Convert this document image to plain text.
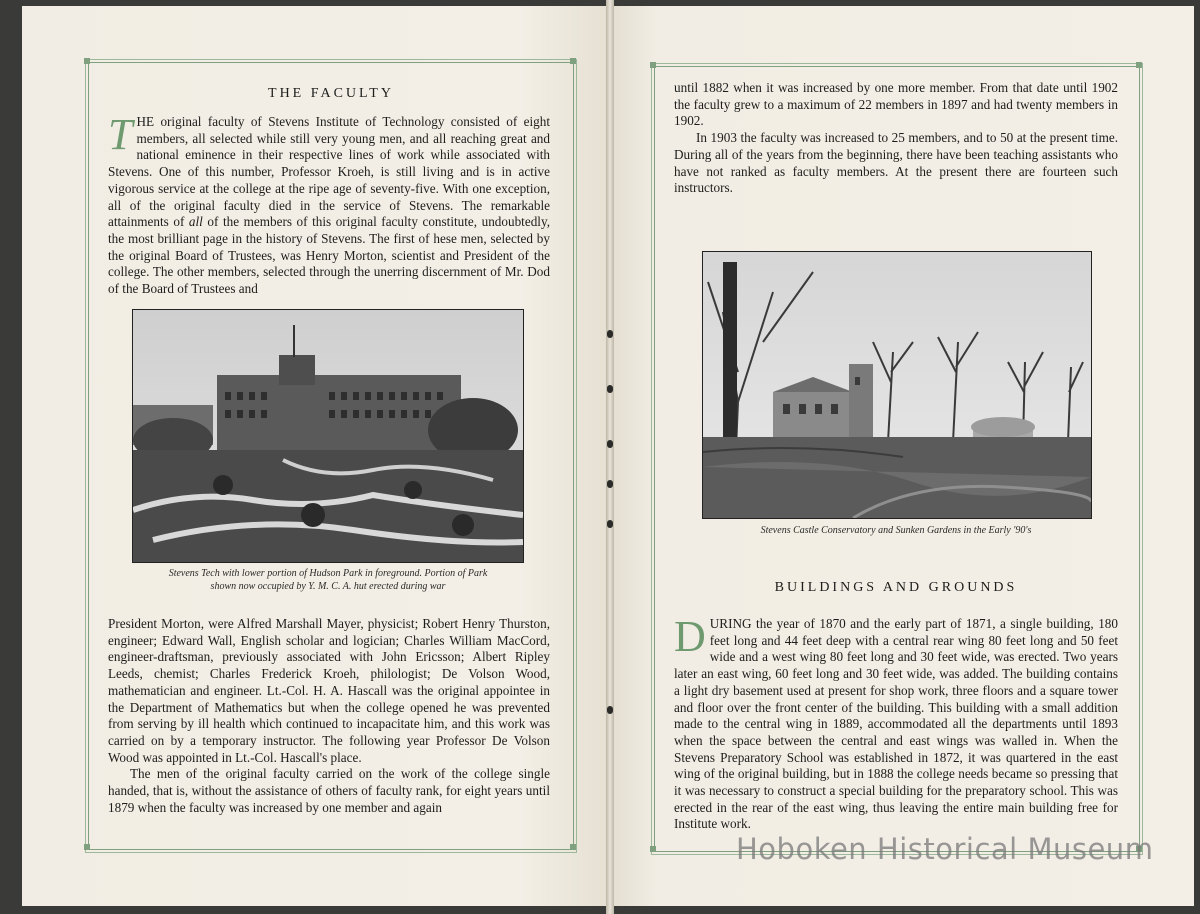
THE FACULTY
THE original faculty of Stevens Institute of Technology consisted of eight members, all selected while still very young men, and all reaching great and national eminence in their respective lines of work while associated with Stevens. One of this number, Professor Kroeh, is still living and is in active vigorous service at the college at the ripe age of seventy-five. With one exception, all of the original faculty died in the service of Stevens. The remarkable attainments of all of the members of this original faculty constitute, undoubtedly, the most brilliant page in the history of Stevens. The first of hese men, selected by the original Board of Trustees, was Henry Morton, scientist and President of the college. The other members, selected through the unerring discernment of Mr. Dod of the Board of Trustees and
Stevens Tech with lower portion of Hudson Park in foreground. Portion of Park
shown now occupied by Y. M. C. A. hut erected during war

President Morton, were Alfred Marshall Mayer, physicist; Robert Henry Thurston, engineer; Edward Wall, English scholar and logician; Charles William MacCord, engineer-draftsman, previously associated with John Ericsson; Albert Ripley Leeds, chemist; Charles Frederick Kroeh, philologist; De Volson Wood, mathematician and engineer. Lt.-Col. H. A. Hascall was the original appointee in the Department of Mathematics but when the college opened he was prevented from serving by ill health which continued to incapacitate him, and this work was carried on by a temporary instructor. The following year Professor De Volson Wood was appointed in Lt.-Col. Hascall's place.

The men of the original faculty carried on the work of the college single handed, that is, without the assistance of others of faculty rank, for eight years until 1879 when the faculty was increased by one member and again

until 1882 when it was increased by one more member. From that date until 1902 the faculty grew to a maximum of 22 members in 1897 and had twenty members in 1902.

In 1903 the faculty was increased to 25 members, and to 50 at the present time. During all of the years from the beginning, there have been teaching assistants who have not ranked as faculty members. At the present there are fourteen such instructors.

Stevens Castle Conservatory and Sunken Gardens in the Early '90's
BUILDINGS AND GROUNDS
DURING the year of 1870 and the early part of 1871, a single building, 180 feet long and 44 feet deep with a central rear wing 80 feet long and 50 feet wide and a west wing 80 feet long and 30 feet wide, was erected. Two years later an east wing, 60 feet long and 30 feet wide, was added. The building contains a light dry basement used at present for shop work, three floors and a square tower and floor over the front center of the building. This building with a small addition made to the central wing in 1889, accommodated all the departments until 1893 when the space between the central and east wings was walled in. When the Stevens Preparatory School was established in 1872, it was quartered in the east wing of the original building, but in 1888 the college needs became so pressing that it was necessary to construct a special building for the preparatory school. This was erected in the rear of the east wing, thus leaving the entire main building free for Institute work.
Hoboken Historical Museum
